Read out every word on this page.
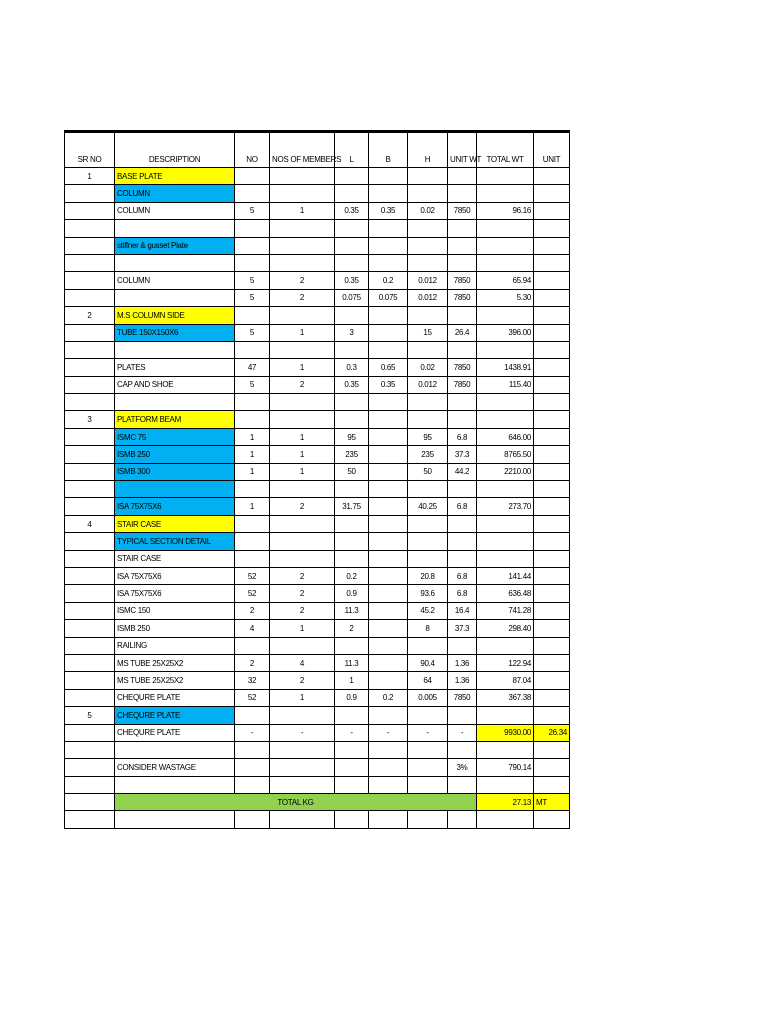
SR NO	DESCRIPTION	NO	NOS OF MEMBERS	L	B	H	UNIT WT	TOTAL WT	UNIT
1	BASE PLATE								
	COLUMN								
	COLUMN	5	1	0.35	0.35	0.02	7850	96.16	

	stiffner & gusset Plate								

	COLUMN	5	2	0.35	0.2	0.012	7850	65.94	
		5	2	0.075	0.075	0.012	7850	5.30	
2	M.S COLUMN SIDE								
	TUBE 150X150X6	5	1	3		15	26.4	396.00	

	PLATES	47	1	0.3	0.65	0.02	7850	1438.91	
	CAP AND SHOE	5	2	0.35	0.35	0.012	7850	115.40	

3	PLATFORM BEAM								
	ISMC 75	1	1	95		95	6.8	646.00	
	ISMB 250	1	1	235		235	37.3	8765.50	
	ISMB 300	1	1	50		50	44.2	2210.00	

	ISA 75X75X6	1	2	31.75		40.25	6.8	273.70	
4	STAIR CASE								
	TYPICAL SECTION DETAIL								
	STAIR CASE								
	ISA 75X75X6	52	2	0.2		20.8	6.8	141.44	
	ISA 75X75X6	52	2	0.9		93.6	6.8	636.48	
	ISMC 150	2	2	11.3		45.2	16.4	741.28	
	ISMB 250	4	1	2		8	37.3	298.40	
	RAILING								
	MS TUBE 25X25X2	2	4	11.3		90.4	1.36	122.94	
	MS TUBE 25X25X2	32	2	1		64	1.36	87.04	
	CHEQURE PLATE	52	1	0.9	0.2	0.005	7850	367.38	
5	CHEQURE PLATE								
	CHEQURE PLATE	-	-	-	-	-	-	9930.00	26.34

	CONSIDER WASTAGE						3%	790.14	

	TOTAL KG							27.13	MT
